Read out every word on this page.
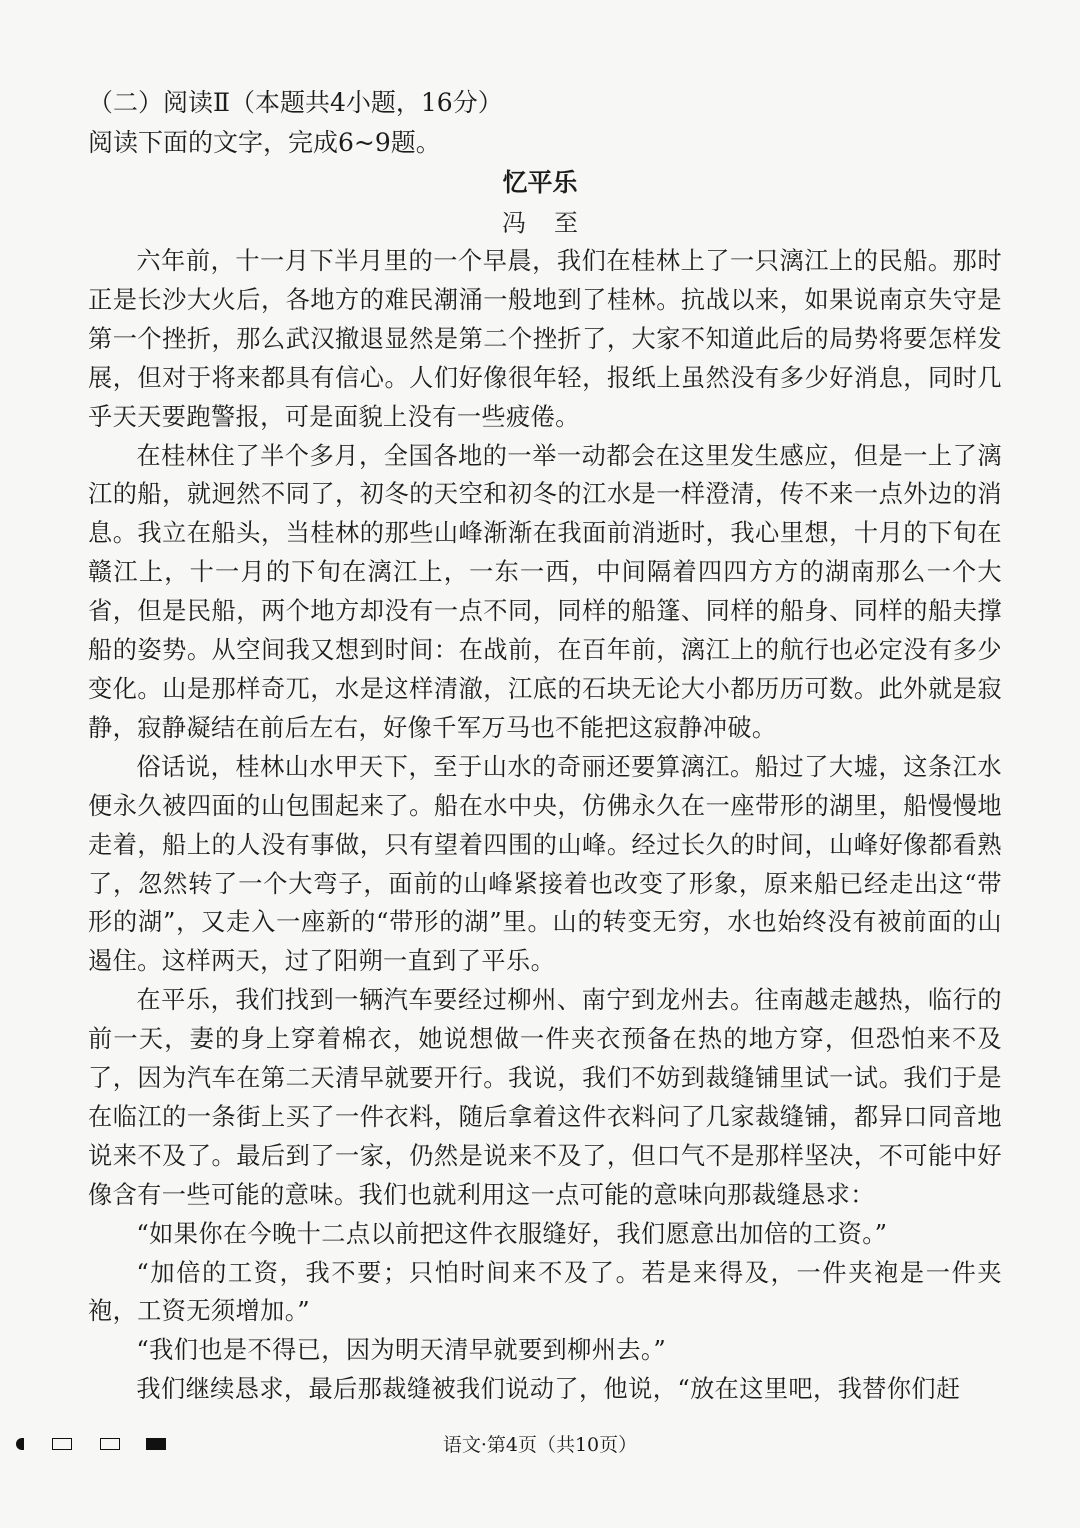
（二）阅读Ⅱ（本题共4小题，16分）
阅读下面的文字，完成6~9题。
忆平乐
冯至

六年前，十一月下半月里的一个早晨，我们在桂林上了一只漓江上的民船。那时正是长沙大火后，各地方的难民潮涌一般地到了桂林。抗战以来，如果说南京失守是第一个挫折，那么武汉撤退显然是第二个挫折了，大家不知道此后的局势将要怎样发展，但对于将来都具有信心。人们好像很年轻，报纸上虽然没有多少好消息，同时几乎天天要跑警报，可是面貌上没有一些疲倦。

在桂林住了半个多月，全国各地的一举一动都会在这里发生感应，但是一上了漓江的船，就迥然不同了，初冬的天空和初冬的江水是一样澄清，传不来一点外边的消息。我立在船头，当桂林的那些山峰渐渐在我面前消逝时，我心里想，十月的下旬在赣江上，十一月的下旬在漓江上，一东一西，中间隔着四四方方的湖南那么一个大省，但是民船，两个地方却没有一点不同，同样的船篷、同样的船身、同样的船夫撑船的姿势。从空间我又想到时间：在战前，在百年前，漓江上的航行也必定没有多少变化。山是那样奇兀，水是这样清澈，江底的石块无论大小都历历可数。此外就是寂静，寂静凝结在前后左右，好像千军万马也不能把这寂静冲破。

俗话说，桂林山水甲天下，至于山水的奇丽还要算漓江。船过了大墟，这条江水便永久被四面的山包围起来了。船在水中央，仿佛永久在一座带形的湖里，船慢慢地走着，船上的人没有事做，只有望着四围的山峰。经过长久的时间，山峰好像都看熟了，忽然转了一个大弯子，面前的山峰紧接着也改变了形象，原来船已经走出这“带形的湖”，又走入一座新的“带形的湖”里。山的转变无穷，水也始终没有被前面的山遏住。这样两天，过了阳朔一直到了平乐。

在平乐，我们找到一辆汽车要经过柳州、南宁到龙州去。往南越走越热，临行的前一天，妻的身上穿着棉衣，她说想做一件夹衣预备在热的地方穿，但恐怕来不及了，因为汽车在第二天清早就要开行。我说，我们不妨到裁缝铺里试一试。我们于是在临江的一条街上买了一件衣料，随后拿着这件衣料问了几家裁缝铺，都异口同音地说来不及了。最后到了一家，仍然是说来不及了，但口气不是那样坚决，不可能中好像含有一些可能的意味。我们也就利用这一点可能的意味向那裁缝恳求：

“如果你在今晚十二点以前把这件衣服缝好，我们愿意出加倍的工资。”

“加倍的工资，我不要；只怕时间来不及了。若是来得及，一件夹袍是一件夹袍，工资无须增加。”

“我们也是不得已，因为明天清早就要到柳州去。”

我们继续恳求，最后那裁缝被我们说动了，他说，“放在这里吧，我替你们赶

语文·第4页（共10页）
